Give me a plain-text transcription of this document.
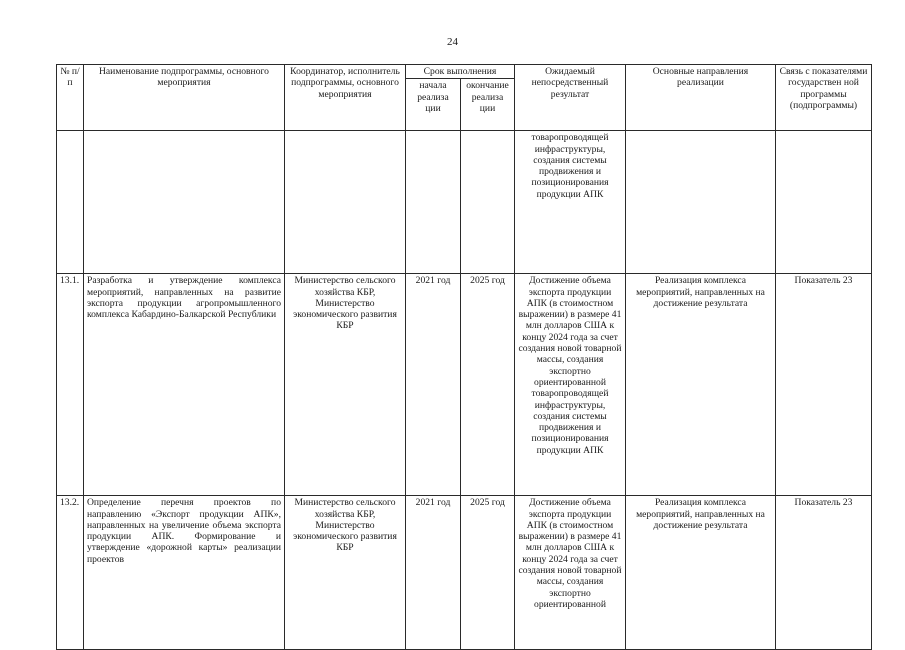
24
№ п/п	Наименование подпрограммы, основного мероприятия	Координатор, исполнитель подпрограммы, основного мероприятия	Срок выполнения		Ожидаемый непосредственный результат	Основные направления реализации	Связь с показателями государствен ной программы (подпрограммы)
			начала реализа ции	окончание реализа ции			
					товаропроводящей инфраструктуры, создания системы продвижения и позиционирования продукции АПК		
13.1.	Разработка и утверждение комплекса мероприятий, направленных на развитие экспорта продукции агропромышленного комплекса Кабардино-Балкарской Республики	Министерство сельского хозяйства КБР, Министерство экономического развития КБР	2021 год	2025 год	Достижение объема экспорта продукции АПК (в стоимостном выражении) в размере 41 млн долларов США к концу 2024 года за счет создания новой товарной массы, создания экспортно ориентированной товаропроводящей инфраструктуры, создания системы продвижения и позиционирования продукции АПК	Реализация комплекса мероприятий, направленных на достижение результата	Показатель 23
13.2.	Определение перечня проектов по направлению «Экспорт продукции АПК», направленных на увеличение объема экспорта продукции АПК. Формирование и утверждение «дорожной карты» реализации проектов	Министерство сельского хозяйства КБР, Министерство экономического развития КБР	2021 год	2025 год	Достижение объема экспорта продукции АПК (в стоимостном выражении) в размере 41 млн долларов США к концу 2024 года за счет создания новой товарной массы, создания экспортно ориентированной	Реализация комплекса мероприятий, направленных на достижение результата	Показатель 23
